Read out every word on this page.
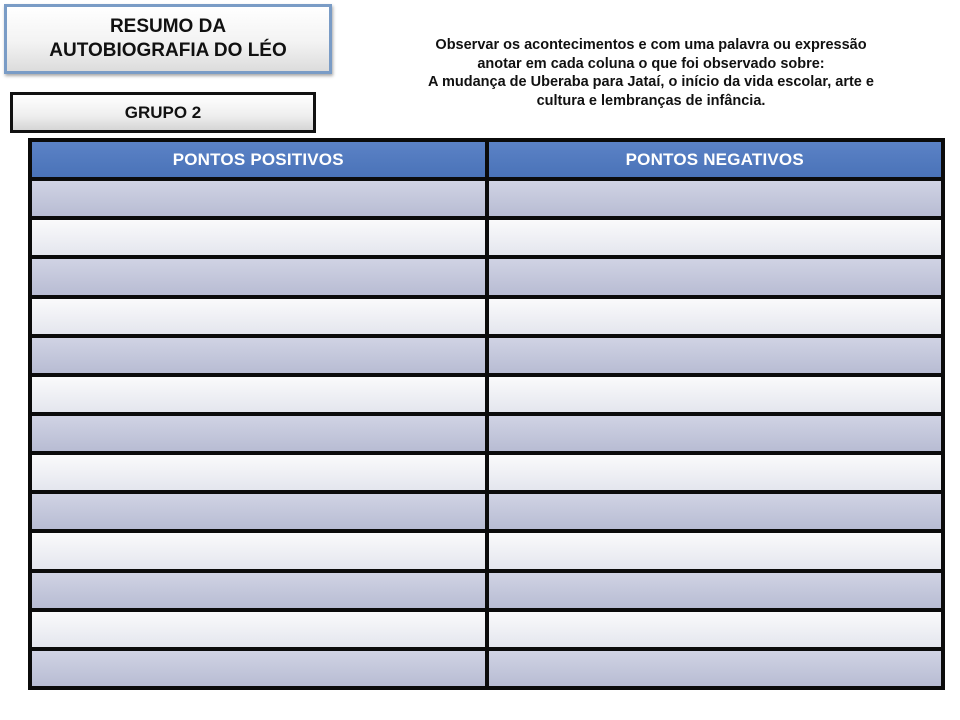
RESUMO DA
AUTOBIOGRAFIA DO LÉO	Observar os acontecimentos e com uma palavra ou expressão
anotar em cada coluna o que foi observado sobre:
A mudança de Uberaba para Jataí, o início da vida escolar, arte e
cultura e lembranças de infância.
GRUPO 2
PONTOS POSITIVOS	PONTOS NEGATIVOS
